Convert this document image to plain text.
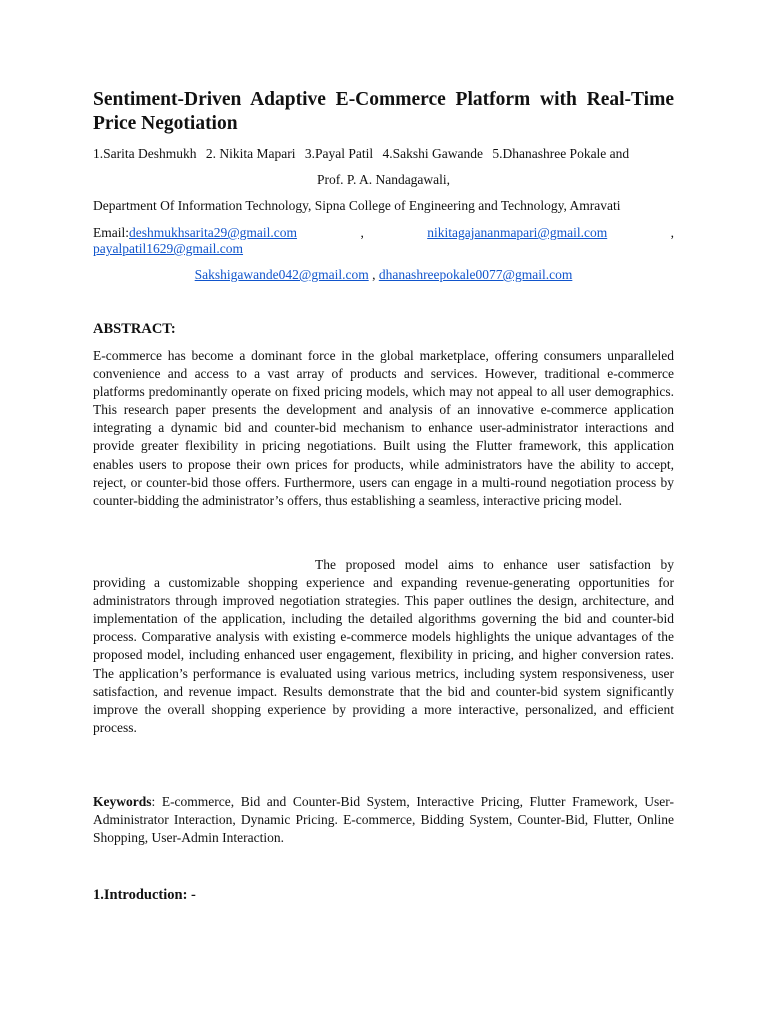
Sentiment-Driven Adaptive E-Commerce Platform with Real-Time Price Negotiation
1.Sarita Deshmukh 2. Nikita Mapari 3.Payal Patil 4.Sakshi Gawande 5.Dhanashree Pokale and
Prof. P. A. Nandagawali,
Department Of Information Technology, Sipna College of Engineering and Technology, Amravati
Email:deshmukhsarita29@gmail.com	,	nikitagajananmapari@gmail.com	,
payalpatil1629@gmail.com
Sakshigawande042@gmail.com , dhanashreepokale0077@gmail.com
ABSTRACT:

E-commerce has become a dominant force in the global marketplace, offering consumers unparalleled convenience and access to a vast array of products and services. However, traditional e-commerce platforms predominantly operate on fixed pricing models, which may not appeal to all user demographics. This research paper presents the development and analysis of an innovative e-commerce application integrating a dynamic bid and counter-bid mechanism to enhance user-administrator interactions and provide greater flexibility in pricing negotiations. Built using the Flutter framework, this application enables users to propose their own prices for products, while administrators have the ability to accept, reject, or counter-bid those offers. Furthermore, users can engage in a multi-round negotiation process by counter-bidding the administrator’s offers, thus establishing a seamless, interactive pricing model.

The proposed model aims to enhance user satisfaction by providing a customizable shopping experience and expanding revenue-generating opportunities for administrators through improved negotiation strategies. This paper outlines the design, architecture, and implementation of the application, including the detailed algorithms governing the bid and counter-bid process. Comparative analysis with existing e-commerce models highlights the unique advantages of the proposed model, including enhanced user engagement, flexibility in pricing, and higher conversion rates. The application’s performance is evaluated using various metrics, including system responsiveness, user satisfaction, and revenue impact. Results demonstrate that the bid and counter-bid system significantly improve the overall shopping experience by providing a more interactive, personalized, and efficient process.

Keywords: E-commerce, Bid and Counter-Bid System, Interactive Pricing, Flutter Framework, User-Administrator Interaction, Dynamic Pricing. E-commerce, Bidding System, Counter-Bid, Flutter, Online Shopping, User-Admin Interaction.

1.Introduction: -
